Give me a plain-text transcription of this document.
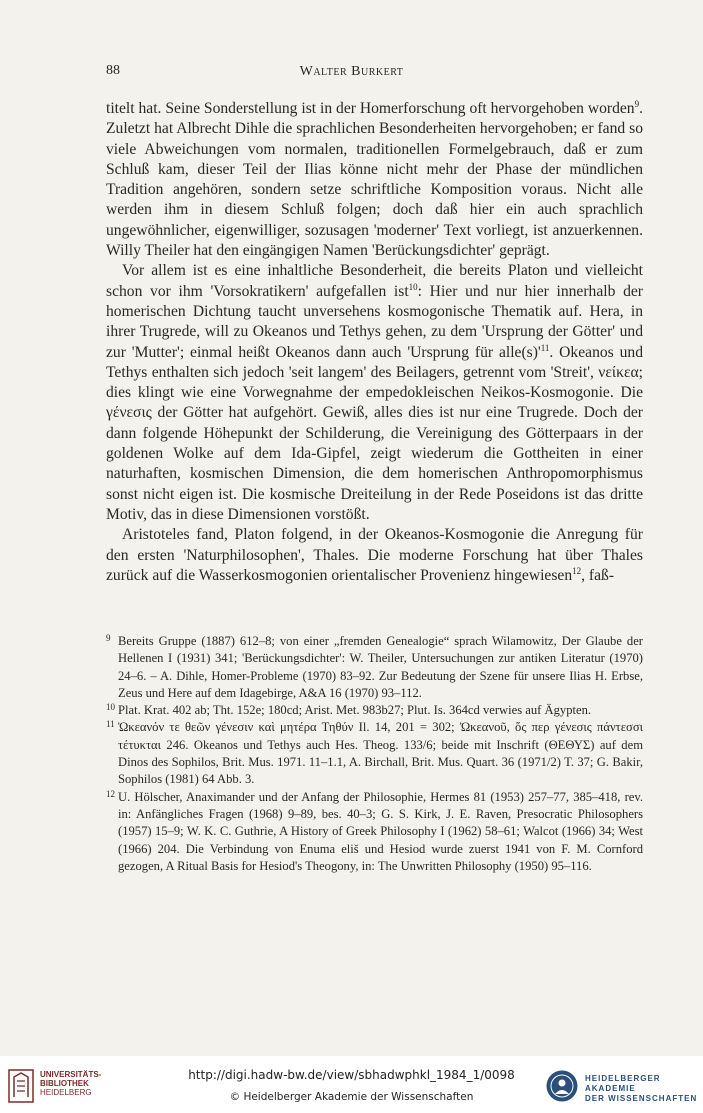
88	Walter Burkert

titelt hat. Seine Sonderstellung ist in der Homerforschung oft hervorgehoben worden$^9$. Zuletzt hat Albrecht Dihle die sprachlichen Besonderheiten hervorgehoben; er fand so viele Abweichungen vom normalen, traditionellen Formelgebrauch, daß er zum Schluß kam, dieser Teil der Ilias könne nicht mehr der Phase der mündlichen Tradition angehören, sondern setze schriftliche Komposition voraus. Nicht alle werden ihm in diesem Schluß folgen; doch daß hier ein auch sprachlich ungewöhnlicher, eigenwilliger, sozusagen 'moderner' Text vorliegt, ist anzuerkennen. Willy Theiler hat den eingängigen Namen 'Berückungsdichter' geprägt.

Vor allem ist es eine inhaltliche Besonderheit, die bereits Platon und vielleicht schon vor ihm 'Vorsokratikern' aufgefallen ist$^{10}$: Hier und nur hier innerhalb der homerischen Dichtung taucht unversehens kosmogonische Thematik auf. Hera, in ihrer Trugrede, will zu Okeanos und Tethys gehen, zu dem 'Ursprung der Götter' und zur 'Mutter'; einmal heißt Okeanos dann auch 'Ursprung für $alle(s)'^{11}$. Okeanos und Tethys enthalten sich jedoch 'seit langem' des Beilagers, getrennt vom 'Streit', νείκεα; dies klingt wie eine Vorwegnahme der empedokleischen Neikos-Kosmogonie. Die γένεσις der Götter hat aufgehört. Gewiß, alles dies ist nur eine Trugrede. Doch der dann folgende Höhepunkt der Schilderung, die Vereinigung des Götterpaars in der goldenen Wolke auf dem Ida-Gipfel, zeigt wiederum die Gottheiten in einer naturhaften, kosmischen Dimension, die dem homerischen Anthropomorphismus sonst nicht eigen ist. Die kosmische Dreiteilung in der Rede Poseidons ist das dritte Motiv, das in diese Dimensionen vorstößt.

Aristoteles fand, Platon folgend, in der Okeanos-Kosmogonie die Anregung für den ersten 'Naturphilosophen', Thales. Die moderne Forschung hat über Thales zurück auf die Wasserkosmogonien orientalischer Provenienz hingewiesen$^{12}$, faß-

9 Bereits Gruppe (1887) 612–8; von einer „fremden Genealogie“ sprach Wilamowitz, Der Glaube der Hellenen I (1931) 341; 'Berückungsdichter': W. Theiler, Untersuchungen zur antiken Literatur (1970) 24–6. – A. Dihle, Homer-Probleme (1970) 83–92. Zur Bedeutung der Szene für unsere Ilias H. Erbse, Zeus und Here auf dem Idagebirge, A&A 16 (1970) 93–112.

10 Plat. Krat. 402 ab; Tht. 152e; 180cd; Arist. Met. 983b27; Plut. Is. 364cd verwies auf Ägypten.

11 Ὠκεανόν τε θεῶν γένεσιν καὶ μητέρα Τηθύν Il. 14, 201 = 302; Ὠκεανοῦ, ὅς περ γένεσις πάντεσσι τέτυκται 246. Okeanos und Tethys auch Hes. Theog. 133/6; beide mit Inschrift (ΘΕΘΥΣ) auf dem Dinos des Sophilos, Brit. Mus. 1971. 11–1.1, A. Birchall, Brit. Mus. Quart. 36 (1971/2) T. 37; G. Bakir, Sophilos (1981) 64 Abb. 3.

12 U. Hölscher, Anaximander und der Anfang der Philosophie, Hermes 81 (1953) 257–77, 385–418, rev. in: Anfängliches Fragen (1968) 9–89, bes. 40–3; G. S. Kirk, J. E. Raven, Presocratic Philosophers (1957) 15–9; W. K. C. Guthrie, A History of Greek Philosophy I (1962) 58–61; Walcot (1966) 34; West (1966) 204. Die Verbindung von Enuma eliš und Hesiod wurde zuerst 1941 von F. M. Cornford gezogen, A Ritual Basis for Hesiod's Theogony, in: The Unwritten Philosophy (1950) 95–116.

UNIVERSITÄTS-
BIBLIOTHEK
HEIDELBERG
http://digi.hadw-bw.de/view/sbhadwphkl_1984_1/0098
© Heidelberger Akademie der Wissenschaften
HEIDELBERGER AKADEMIE
DER WISSENSCHAFTEN
